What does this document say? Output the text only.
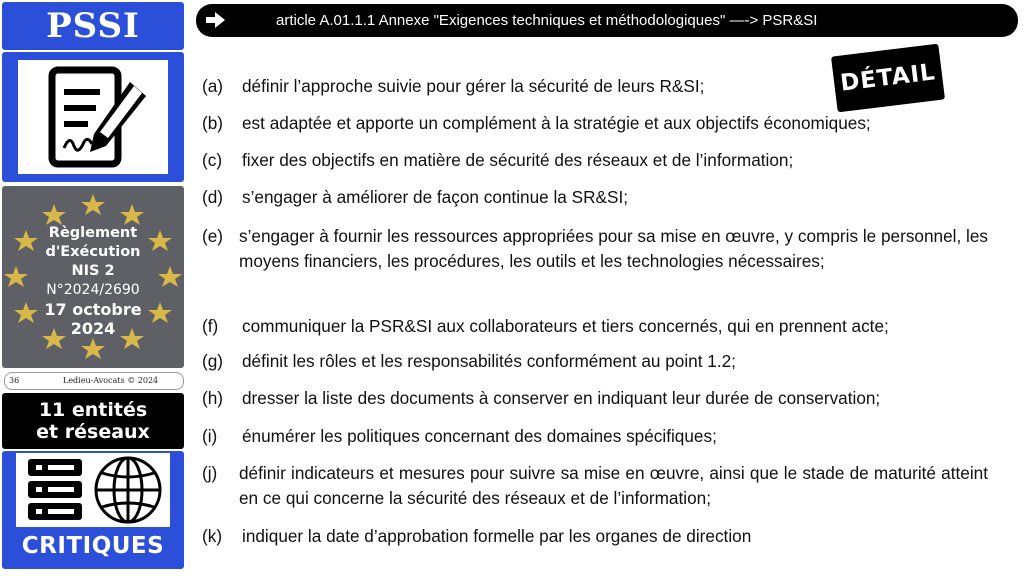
PSSI
Règlement
d'Exécution
NIS 2
N°2024/2690
17 octobre
2024
36	Ledieu-Avocats © 2024
11 entités
et réseaux
CRITIQUES
article A.01.1.1 Annexe "Exigences techniques et méthodologiques" —-> PSR&SI
DÉTAIL
(a)	définir l’approche suivie pour gérer la sécurité de leurs R&SI;
(b)	est adaptée et apporte un complément à la stratégie et aux objectifs économiques;
(c)	fixer des objectifs en matière de sécurité des réseaux et de l’information;
(d)	s’engager à améliorer de façon continue la SR&SI;
(e) s’engager à fournir les ressources appropriées pour sa mise en œuvre, y compris le personnel, les moyens financiers, les procédures, les outils et les technologies nécessaires;
(f)	communiquer la PSR&SI aux collaborateurs et tiers concernés, qui en prennent acte;
(g)	définit les rôles et les responsabilités conformément au point 1.2;
(h)	dresser la liste des documents à conserver en indiquant leur durée de conservation;
(i)	énumérer les politiques concernant des domaines spécifiques;
(j)	définir indicateurs et mesures pour suivre sa mise en œuvre, ainsi que le stade de maturité atteint en ce qui concerne la sécurité des réseaux et de l’information;
(k)	indiquer la date d’approbation formelle par les organes de direction
